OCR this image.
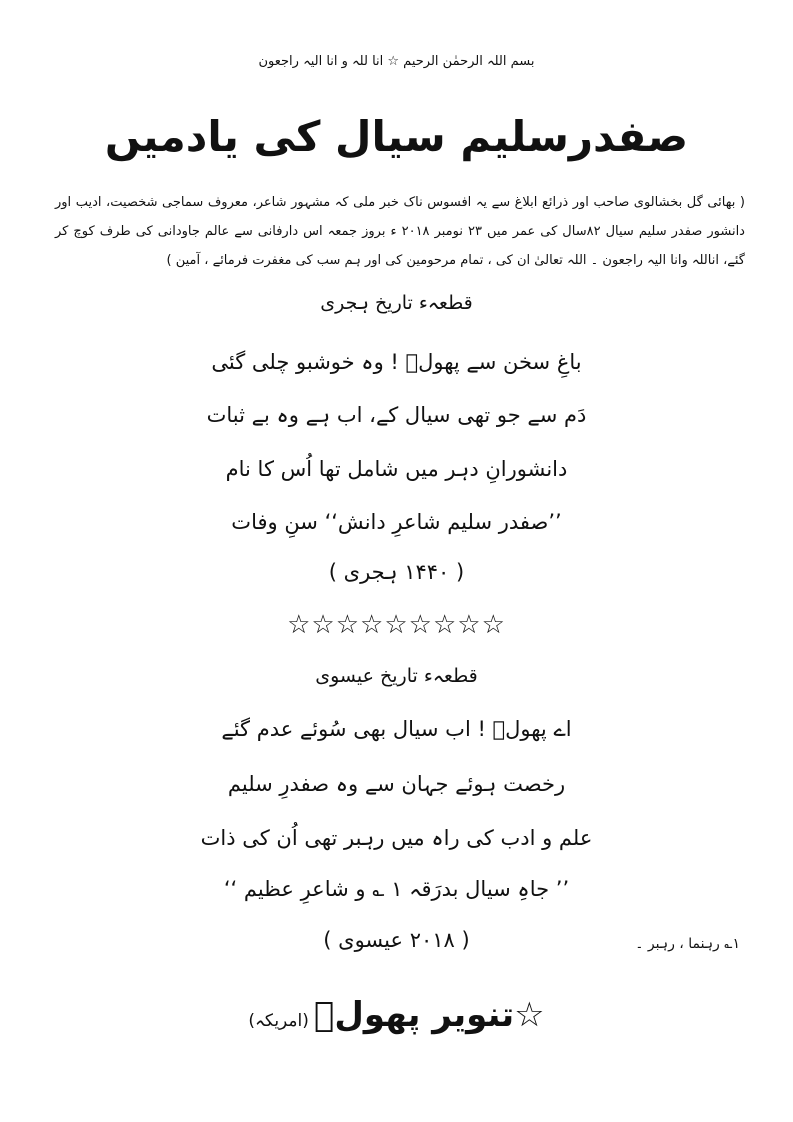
بسم اللہ الرحمٰن الرحیم ☆ انا للہ و انا الیہ راجعون
صفدرسلیم سیال کی یادمیں
( بھائی گل بخشالوی صاحب اور ذرائع ابلاغ سے یہ افسوس ناک خبر ملی کہ مشہور شاعر، معروف سماجی شخصیت، ادیب اور دانشور صفدر سلیم سیال ۸۲سال کی عمر میں ۲۳ نومبر ۲۰۱۸ ء بروز جمعہ اس دارفانی سے عالم جاودانی کی طرف کوچ کر گئے، اناللہ وانا الیہ راجعون ۔ اللہ تعالیٰ ان کی ، تمام مرحومین کی اور ہم سب کی مغفرت فرمائے ، آمین )
قطعہء تاریخ ہجری
باغِ سخن سے پھولؔ ! وہ خوشبو چلی گئی
دَم سے جو تھی سیال کے، اب ہے وہ بے ثبات
دانشورانِ دہر میں شامل تھا اُس کا نام
’’صفدر سلیم شاعرِ دانش‘‘ سنِ وفات
( ۱۴۴۰ ہجری )
☆☆☆☆☆☆☆☆☆
قطعہء تاریخ عیسوی
اے پھولؔ ! اب سیال بھی سُوئے عدم گئے
رخصت ہوئے جہان سے وہ صفدرِ سلیم
علم و ادب کی راہ میں رہبر تھی اُن کی ذات
’’ جاہِ سیال بدرَقہ ۱ ؎ و شاعرِ عظیم ‘‘
( ۲۰۱۸ عیسوی )	۱؎ رہنما ، رہبر ۔
☆تنویر پھولؔ (امریکہ)
